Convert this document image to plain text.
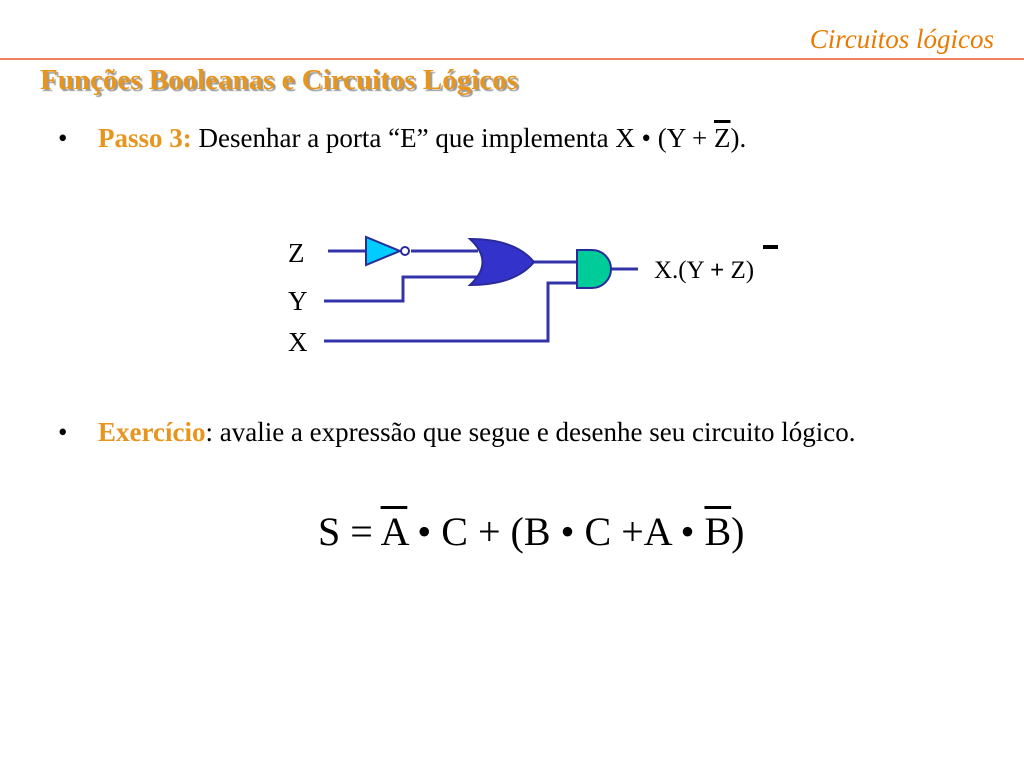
Circuitos lógicos
Funções Booleanas e Circuitos Lógicos
• Passo 3: Desenhar a porta “E” que implementa X • $(Y + \overline{Z})$.
Z
Y
X
X.(Y + Z)
• Exercício: avalie a expressão que segue e desenhe seu circuito lógico.
$S = \overline{A}$ • C + (B • C +A • $\overline{B}$)
